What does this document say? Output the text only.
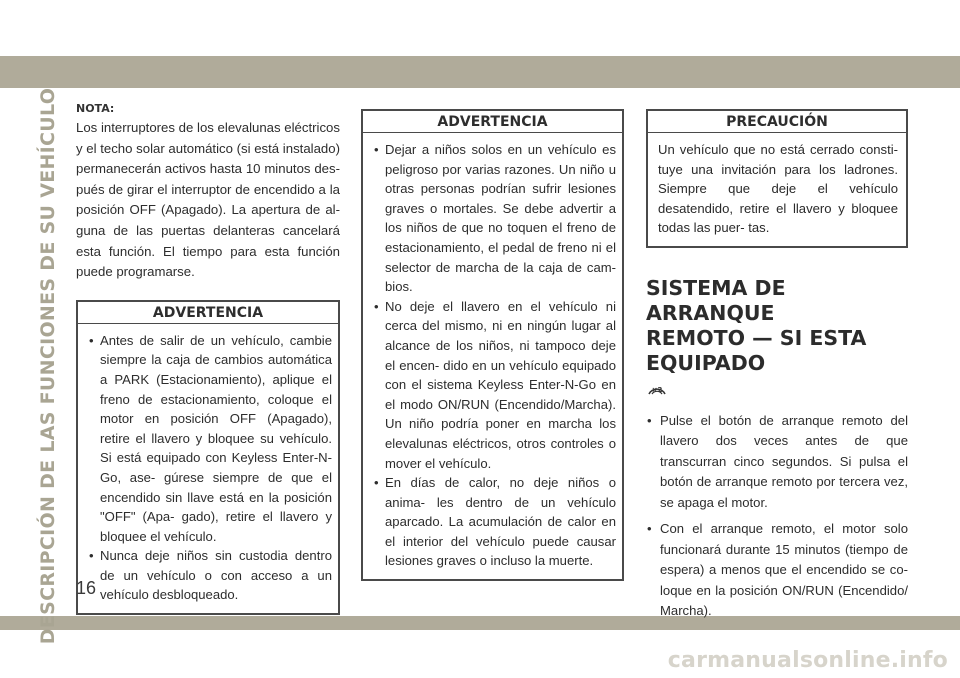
DESCRIPCIÓN DE LAS FUNCIONES DE SU VEHÍCULO NOTA:

Los interruptores de los elevalunas eléctricos y el techo solar automático (si está instalado) permanecerán activos hasta 10 minutos des- pués de girar el interruptor de encendido a la posición OFF (Apagado). La apertura de al- guna de las puertas delanteras cancelará esta función. El tiempo para esta función puede programarse.

ADVERTENCIA
• Antes de salir de un vehículo, cambie siempre la caja de cambios automática a PARK (Estacionamiento), aplique el freno de estacionamiento, coloque el motor en posición OFF (Apagado), retire el llavero y bloquee su vehículo. Si está equipado con Keyless Enter-N-Go, ase- gúrese siempre de que el encendido sin llave está en la posición "OFF" (Apa- gado), retire el llavero y bloquee el vehículo.
• Nunca deje niños sin custodia dentro de un vehículo o con acceso a un vehículo desbloqueado.
ADVERTENCIA
• Dejar a niños solos en un vehículo es peligroso por varias razones. Un niño u otras personas podrían sufrir lesiones graves o mortales. Se debe advertir a los niños de que no toquen el freno de estacionamiento, el pedal de freno ni el selector de marcha de la caja de cam- bios.
• No deje el llavero en el vehículo ni cerca del mismo, ni en ningún lugar al alcance de los niños, ni tampoco deje el encen- dido en un vehículo equipado con el sistema Keyless Enter-N-Go en el modo ON/RUN (Encendido/Marcha). Un niño podría poner en marcha los elevalunas eléctricos, otros controles o mover el vehículo.
• En días de calor, no deje niños o anima- les dentro de un vehículo aparcado. La acumulación de calor en el interior del vehículo puede causar lesiones graves o incluso la muerte.
PRECAUCIÓN

Un vehículo que no está cerrado consti- tuye una invitación para los ladrones. Siempre que deje el vehículo desatendido, retire el llavero y bloquee todas las puer- tas.

SISTEMA DE ARRANQUE
REMOTO — SI ESTA
EQUIPADO
×2
• Pulse el botón de arranque remoto del llavero dos veces antes de que transcurran cinco segundos. Si pulsa el botón de arranque remoto por tercera vez, se apaga el motor.
• Con el arranque remoto, el motor solo funcionará durante 15 minutos (tiempo de espera) a menos que el encendido se co- loque en la posición ON/RUN (Encendido/ Marcha).
16
carmanualsonline.info
